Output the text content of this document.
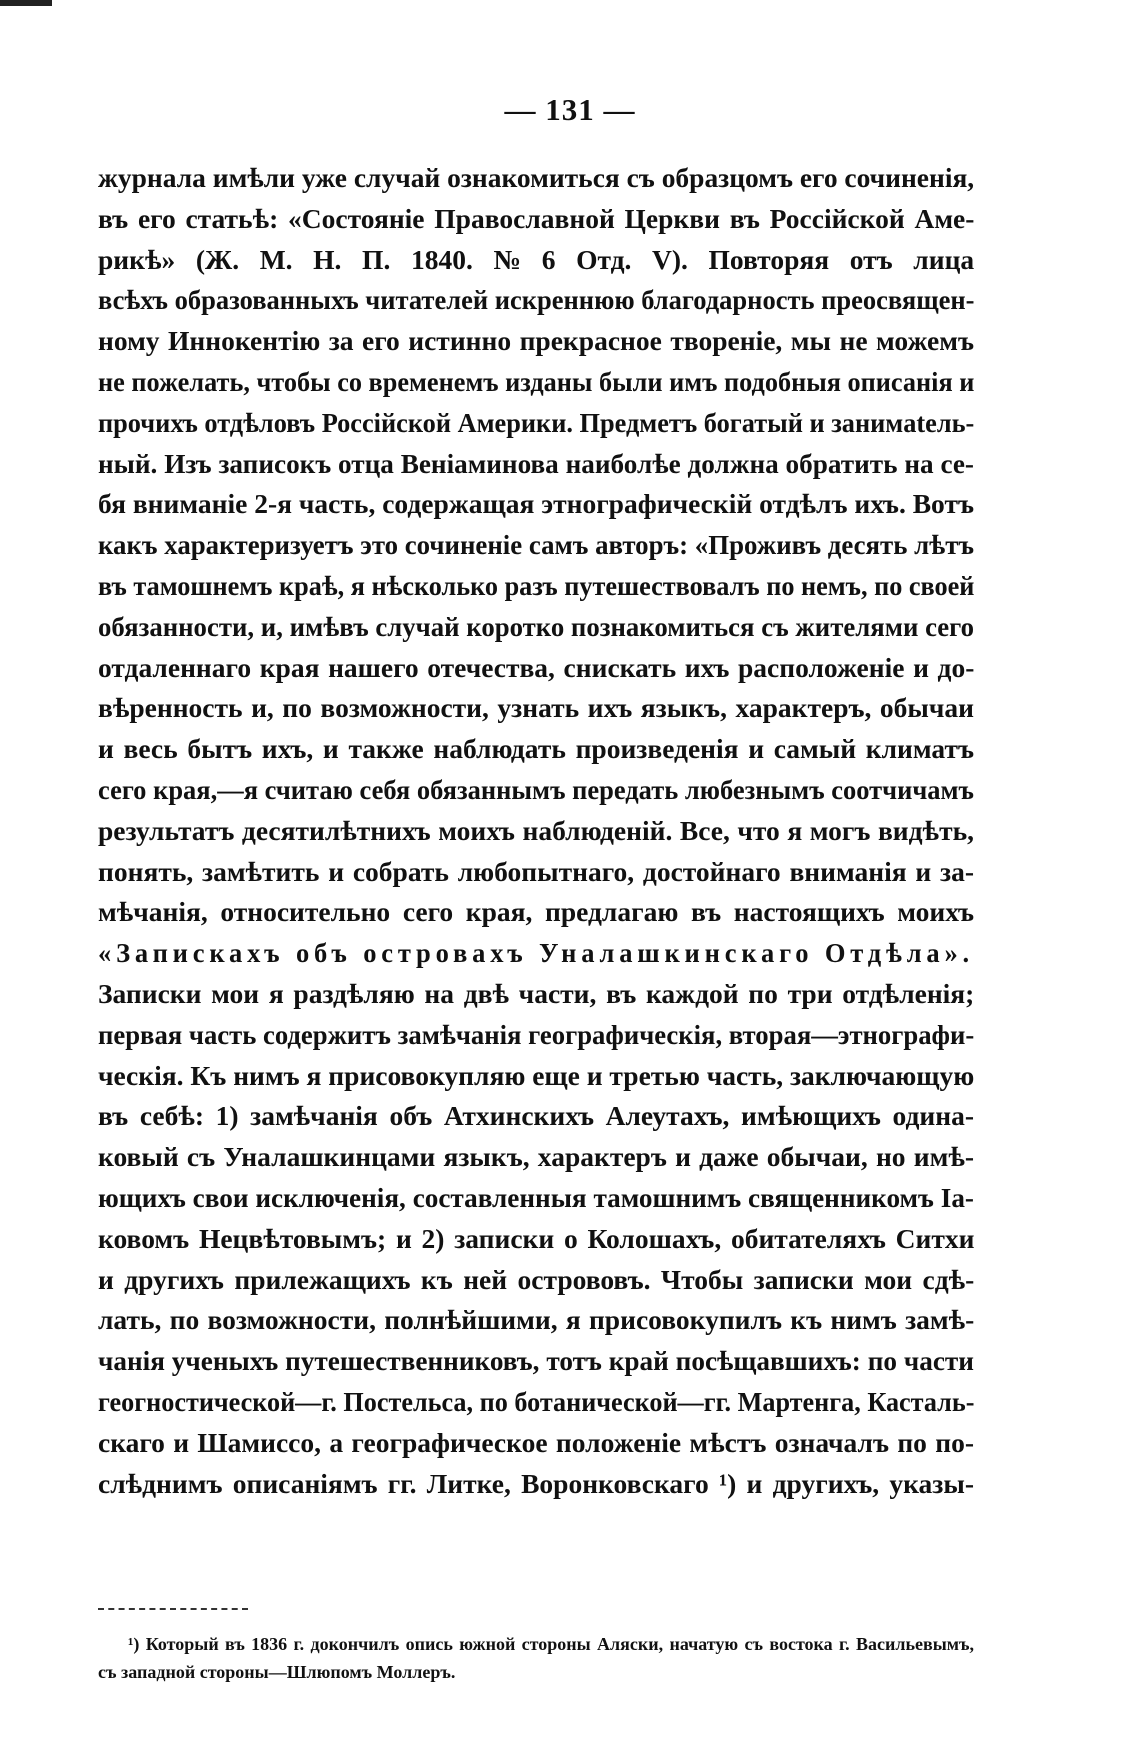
— 131 —
журнала имѣли уже случай ознакомиться съ образцомъ его сочиненія,
въ его статьѣ: «Состояніе Православной Церкви въ Россійской Аме-
рикѣ» (Ж. М. Н. П. 1840. № 6 Отд. V). Повторяя отъ лица
всѣхъ образованныхъ читателей искреннюю благодарность преосвящен-
ному Иннокентію за его истинно прекрасное твореніе, мы не можемъ
не пожелать, чтобы со временемъ изданы были имъ подобныя описанія и
прочихъ отдѣловъ Россійской Америки. Предметъ богатый и занимatель-
ный. Изъ записокъ отца Веніаминова наиболѣе должна обратить на се-
бя вниманіе 2-я часть, содержащая этнографическій отдѣлъ ихъ. Вотъ
какъ характеризуетъ это сочиненіе самъ авторъ: «Проживъ десять лѣтъ
въ тамошнемъ краѣ, я нѣсколько разъ путешествовалъ по немъ, по своей
обязанности, и, имѣвъ случай коротко познакомиться съ жителями сего
отдаленнаго края нашего отечества, снискать ихъ расположеніе и до-
вѣренность и, по возможности, узнать ихъ языкъ, характеръ, обычаи
и весь бытъ ихъ, и также наблюдать произведенія и самый климатъ
сего края,—я считаю себя обязаннымъ передать любезнымъ соотчичамъ
результатъ десятилѣтнихъ моихъ наблюденій. Все, что я могъ видѣть,
понять, замѣтить и собрать любопытнаго, достойнаго вниманія и за-
мѣчанія, относительно сего края, предлагаю въ настоящихъ моихъ
«Запискахъ объ островахъ Уналашкинскаго Отдѣла».
Записки мои я раздѣляю на двѣ части, въ каждой по три отдѣленія;
первая часть содержитъ замѣчанія географическія, вторая—этнографи-
ческія. Къ нимъ я присовокупляю еще и третью часть, заключающую
въ себѣ: 1) замѣчанія объ Атхинскихъ Алеутахъ, имѣющихъ одина-
ковый съ Уналашкинцами языкъ, характеръ и даже обычаи, но имѣ-
ющихъ свои исключенія, составленныя тамошнимъ священникомъ Іа-
ковомъ Нецвѣтовымъ; и 2) записки о Колошахъ, обитателяхъ Ситхи
и другихъ прилежащихъ къ ней острововъ. Чтобы записки мои сдѣ-
лать, по возможности, полнѣйшими, я присовокупилъ къ нимъ замѣ-
чанія ученыхъ путешественниковъ, тотъ край посѣщавшихъ: по части
геогностической—г. Постельса, по ботанической—гг. Мартенга, Касталь-
скаго и Шамиссо, а географическое положеніе мѣстъ означалъ по по-
слѣднимъ описаніямъ гг. Литке, Воронковскаго ¹) и другихъ, указы-
¹) Который въ 1836 г. докончилъ опись южной стороны Аляски, начатую съ востока г. Васильевымъ,
съ западной стороны—Шлюпомъ Моллеръ.
